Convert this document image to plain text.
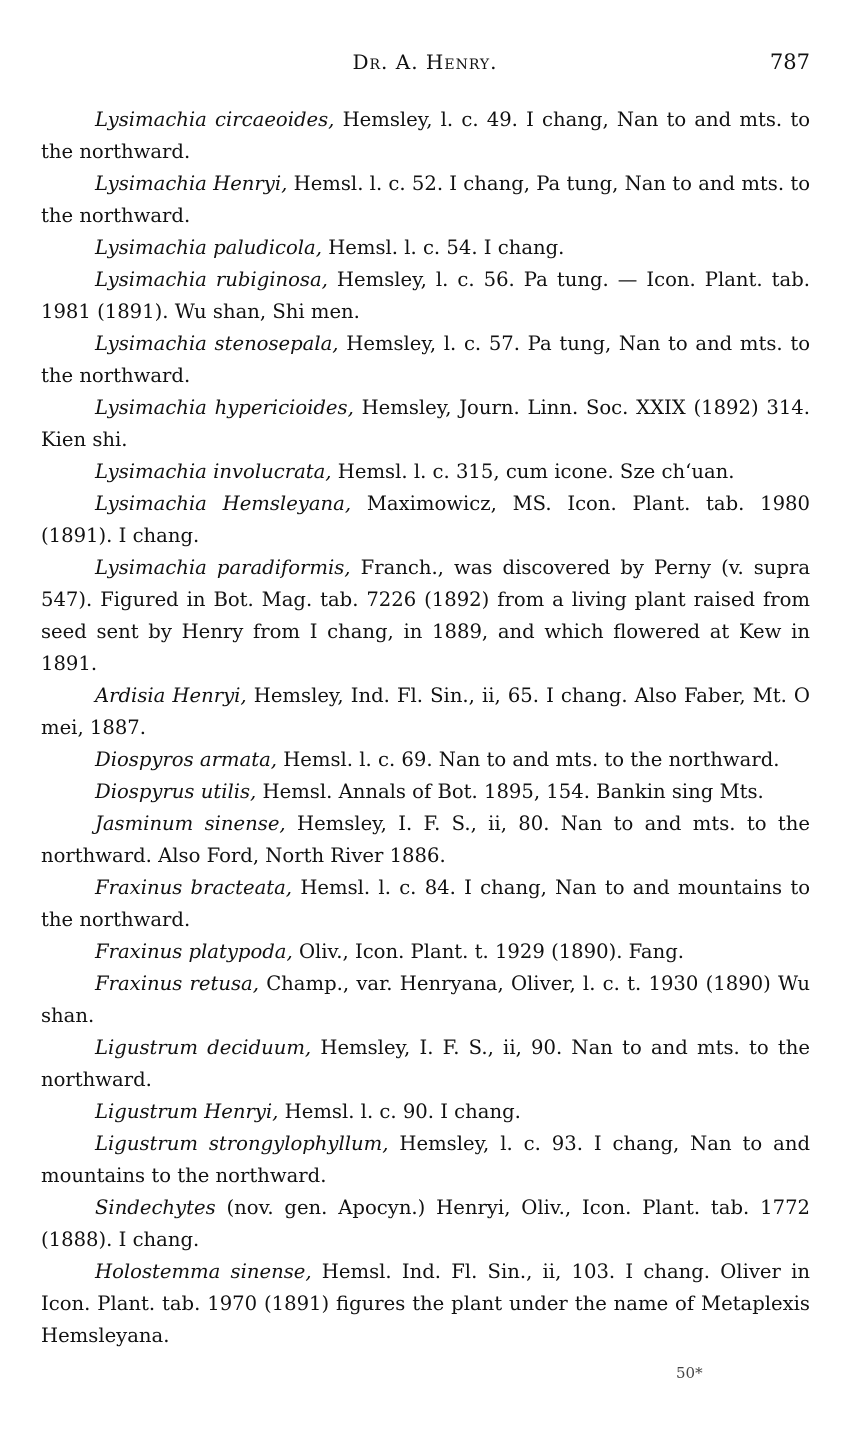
Dr. A. Henry.	787

Lysimachia circaeoides, Hemsley, l. c. 49. I chang, Nan to and mts. to the northward.

Lysimachia Henryi, Hemsl. l. c. 52. I chang, Pa tung, Nan to and mts. to the northward.

Lysimachia paludicola, Hemsl. l. c. 54. I chang.

Lysimachia rubiginosa, Hemsley, l. c. 56. Pa tung. — Icon. Plant. tab. 1981 (1891). Wu shan, Shi men.

Lysimachia stenosepala, Hemsley, l. c. 57. Pa tung, Nan to and mts. to the northward.

Lysimachia hypericioides, Hemsley, Journ. Linn. Soc. XXIX (1892) 314. Kien shi.

Lysimachia involucrata, Hemsl. l. c. 315, cum icone. Sze ch‘uan.

Lysimachia Hemsleyana, Maximowicz, MS. Icon. Plant. tab. 1980 (1891). I chang.

Lysimachia paradiformis, Franch., was discovered by Perny (v. supra 547). Figured in Bot. Mag. tab. 7226 (1892) from a living plant raised from seed sent by Henry from I chang, in 1889, and which flowered at Kew in 1891.

Ardisia Henryi, Hemsley, Ind. Fl. Sin., ii, 65. I chang. Also Faber, Mt. O mei, 1887.

Diospyros armata, Hemsl. l. c. 69. Nan to and mts. to the northward.

Diospyrus utilis, Hemsl. Annals of Bot. 1895, 154. Bankin sing Mts.

Jasminum sinense, Hemsley, I. F. S., ii, 80. Nan to and mts. to the northward. Also Ford, North River 1886.

Fraxinus bracteata, Hemsl. l. c. 84. I chang, Nan to and mountains to the northward.

Fraxinus platypoda, Oliv., Icon. Plant. t. 1929 (1890). Fang.

Fraxinus retusa, Champ., var. Henryana, Oliver, l. c. t. 1930 (1890) Wu shan.

Ligustrum deciduum, Hemsley, I. F. S., ii, 90. Nan to and mts. to the northward.

Ligustrum Henryi, Hemsl. l. c. 90. I chang.

Ligustrum strongylophyllum, Hemsley, l. c. 93. I chang, Nan to and mountains to the northward.

Sindechytes (nov. gen. Apocyn.) Henryi, Oliv., Icon. Plant. tab. 1772 (1888). I chang.

Holostemma sinense, Hemsl. Ind. Fl. Sin., ii, 103. I chang. Oliver in Icon. Plant. tab. 1970 (1891) figures the plant under the name of Metaplexis Hemsleyana.

50*
